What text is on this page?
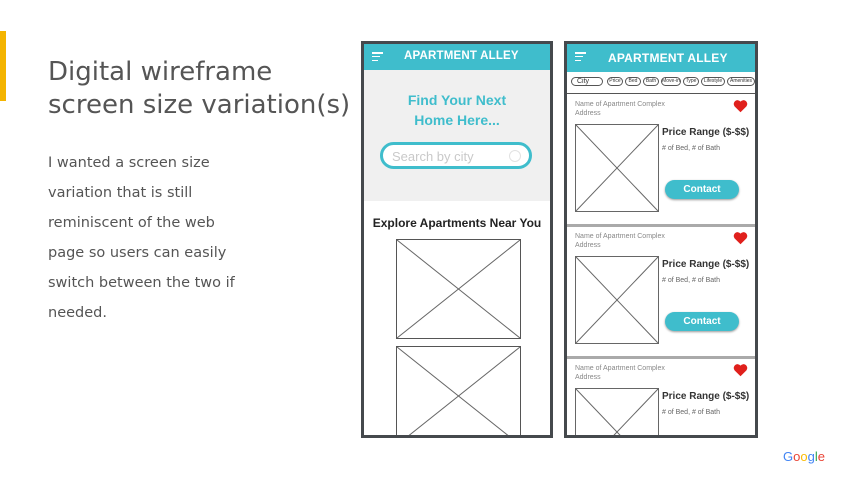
Digital wireframe
screen size variation(s)
I wanted a screen size
variation that is still
reminiscent of the web
page so users can easily
switch between the two if
needed.
APARTMENT ALLEY
Find Your Next
Home Here...
Search by city
Explore Apartments Near You
APARTMENT ALLEY
City	Price	Bed	Bath	Move-in	Type	Lifestyle	Amenities
Name of Apartment Complex
Address
Price Range ($-$$)
# of Bed, # of Bath
Contact
Name of Apartment Complex
Address
Price Range ($-$$)
# of Bed, # of Bath
Contact
Name of Apartment Complex
Address
Price Range ($-$$)
# of Bed, # of Bath
Google
